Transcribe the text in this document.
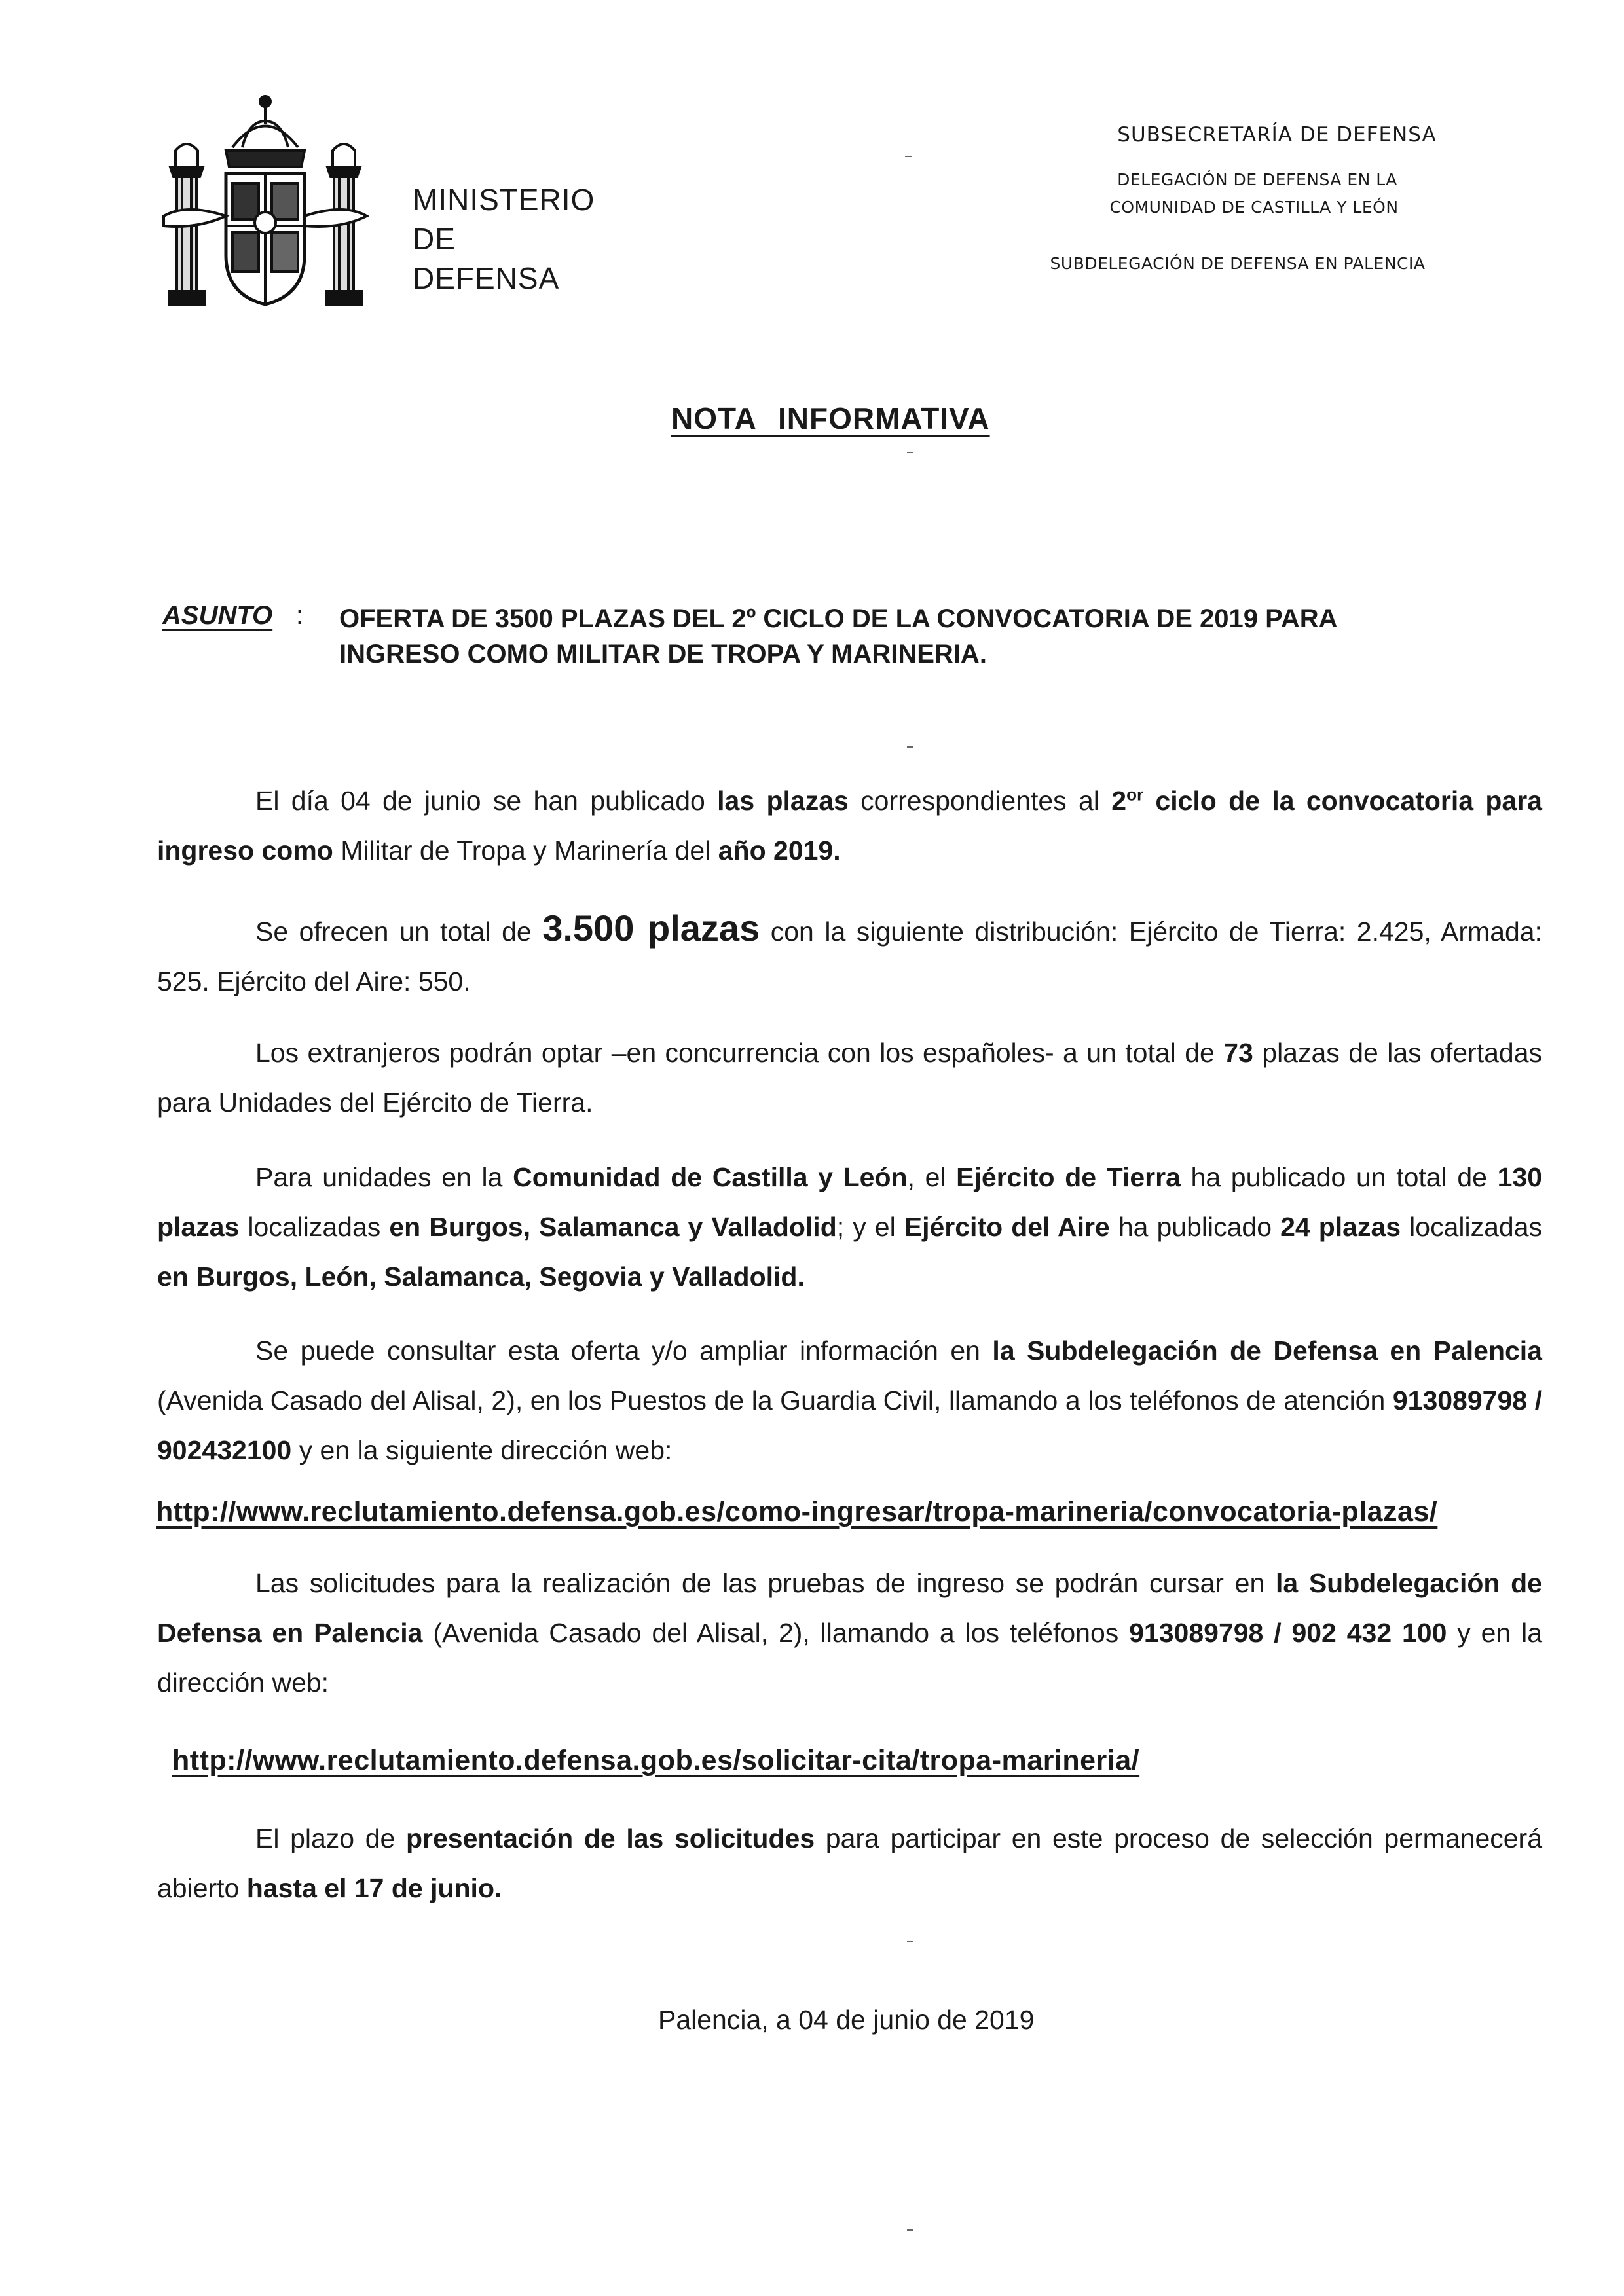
MINISTERIO
DE
DEFENSA
SUBSECRETARÍA DE DEFENSA
DELEGACIÓN DE DEFENSA EN LA
COMUNIDAD DE CASTILLA Y LEÓN
SUBDELEGACIÓN DE DEFENSA EN PALENCIA
NOTA INFORMATIVA
ASUNTO : OFERTA DE 3500 PLAZAS DEL 2º CICLO DE LA CONVOCATORIA DE 2019 PARA
INGRESO COMO MILITAR DE TROPA Y MARINERIA.
El día 04 de junio se han publicado las plazas correspondientes al $2^{or}$ ciclo de la convocatoria para ingreso como Militar de Tropa y Marinería del año 2019.
Se ofrecen un total de 3.500 plazas con la siguiente distribución: Ejército de Tierra: 2.425, Armada: 525. Ejército del Aire: 550.
Los extranjeros podrán optar –en concurrencia con los españoles- a un total de 73 plazas de las ofertadas para Unidades del Ejército de Tierra.
Para unidades en la Comunidad de Castilla y León, el Ejército de Tierra ha publicado un total de 130 plazas localizadas en Burgos, Salamanca y Valladolid; y el Ejército del Aire ha publicado 24 plazas localizadas en Burgos, León, Salamanca, Segovia y Valladolid.
Se puede consultar esta oferta y/o ampliar información en la Subdelegación de Defensa en Palencia (Avenida Casado del Alisal, 2), en los Puestos de la Guardia Civil, llamando a los teléfonos de atención 913089798 / 902432100 y en la siguiente dirección web:
http://www.reclutamiento.defensa.gob.es/como-ingresar/tropa-marineria/convocatoria-plazas/
Las solicitudes para la realización de las pruebas de ingreso se podrán cursar en la Subdelegación de Defensa en Palencia (Avenida Casado del Alisal, 2), llamando a los teléfonos 913089798 / 902 432 100 y en la dirección web:
http://www.reclutamiento.defensa.gob.es/solicitar-cita/tropa-marineria/
El plazo de presentación de las solicitudes para participar en este proceso de selección permanecerá abierto hasta el 17 de junio.
Palencia, a 04 de junio de 2019
